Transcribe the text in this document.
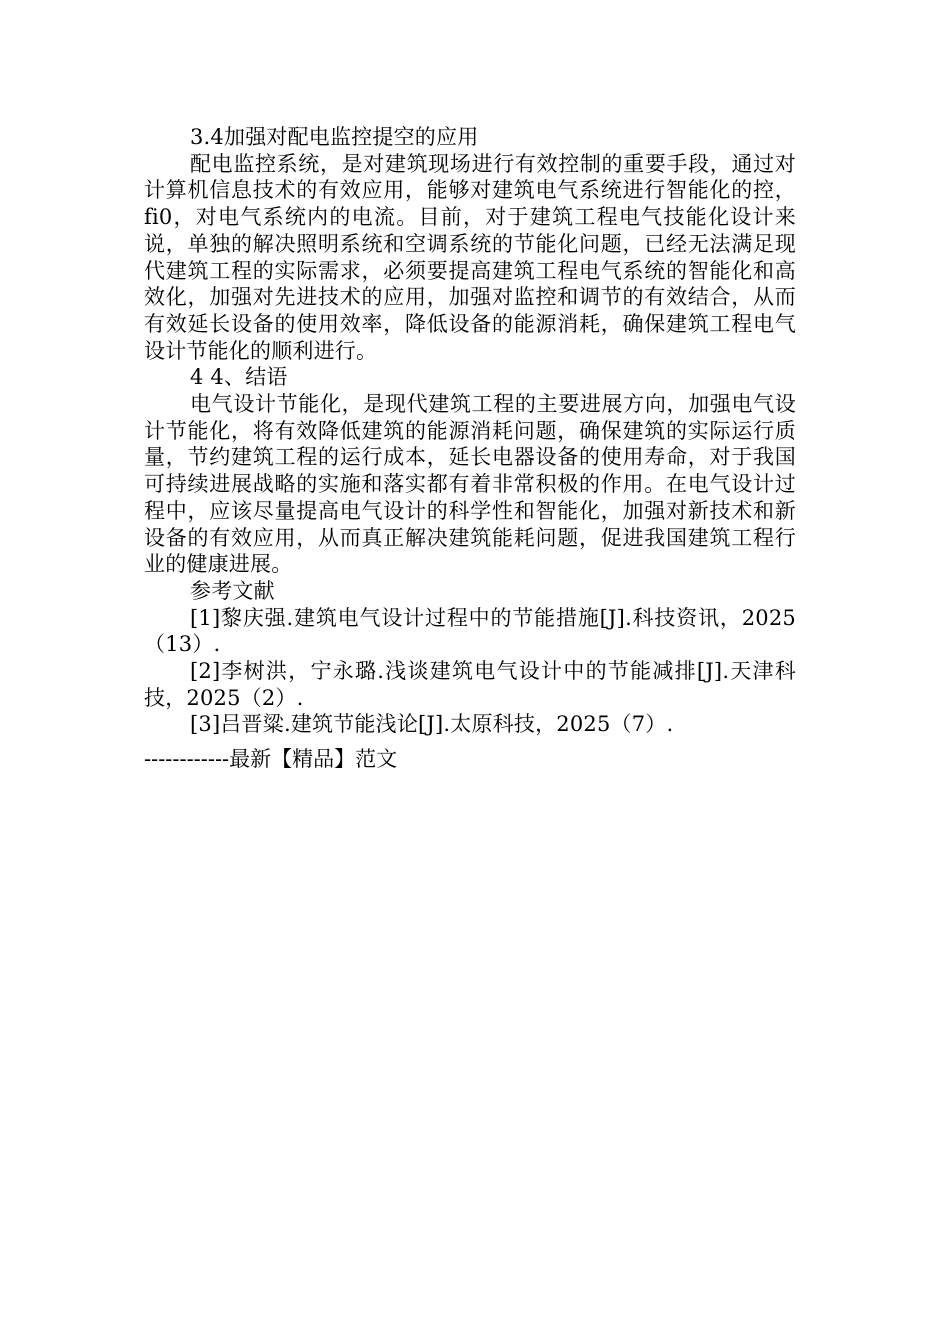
3.4加强对配电监控提空的应用

配电监控系统，是对建筑现场进行有效控制的重要手段，通过对计算机信息技术的有效应用，能够对建筑电气系统进行智能化的控，fi0，对电气系统内的电流。目前，对于建筑工程电气技能化设计来说，单独的解决照明系统和空调系统的节能化问题，已经无法满足现代建筑工程的实际需求，必须要提高建筑工程电气系统的智能化和高效化，加强对先进技术的应用，加强对监控和调节的有效结合，从而有效延长设备的使用效率，降低设备的能源消耗，确保建筑工程电气设计节能化的顺利进行。

4 4、结语

电气设计节能化，是现代建筑工程的主要进展方向，加强电气设计节能化，将有效降低建筑的能源消耗问题，确保建筑的实际运行质量，节约建筑工程的运行成本，延长电器设备的使用寿命，对于我国可持续进展战略的实施和落实都有着非常积极的作用。在电气设计过程中，应该尽量提高电气设计的科学性和智能化，加强对新技术和新设备的有效应用，从而真正解决建筑能耗问题，促进我国建筑工程行业的健康进展。

参考文献

[1]黎庆强.建筑电气设计过程中的节能措施[J].科技资讯，2025（13）.

[2]李树洪，宁永璐.浅谈建筑电气设计中的节能减排[J].天津科技，2025（2）.

[3]吕晋粱.建筑节能浅论[J].太原科技，2025（7）.

------------最新【精品】范文
